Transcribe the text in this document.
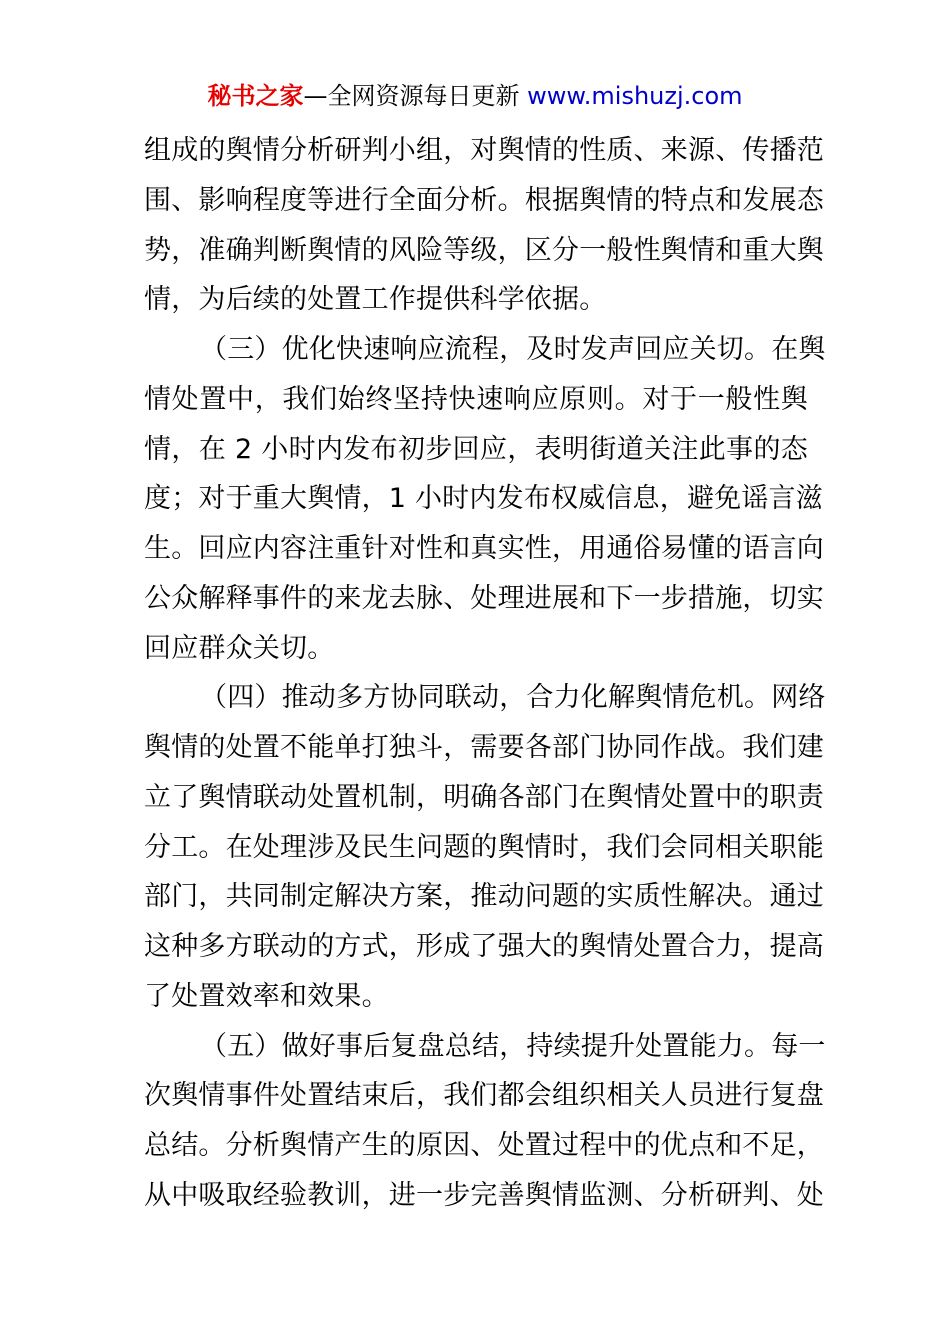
秘书之家—全网资源每日更新 www.mishuzj.com
组成的舆情分析研判小组，对舆情的性质、来源、传播范
围、影响程度等进行全面分析。根据舆情的特点和发展态
势，准确判断舆情的风险等级，区分一般性舆情和重大舆
情，为后续的处置工作提供科学依据。
（三）优化快速响应流程，及时发声回应关切。在舆
情处置中，我们始终坚持快速响应原则。对于一般性舆
情，在 2 小时内发布初步回应，表明街道关注此事的态
度；对于重大舆情，1 小时内发布权威信息，避免谣言滋
生。回应内容注重针对性和真实性，用通俗易懂的语言向
公众解释事件的来龙去脉、处理进展和下一步措施，切实
回应群众关切。
（四）推动多方协同联动，合力化解舆情危机。网络
舆情的处置不能单打独斗，需要各部门协同作战。我们建
立了舆情联动处置机制，明确各部门在舆情处置中的职责
分工。在处理涉及民生问题的舆情时，我们会同相关职能
部门，共同制定解决方案，推动问题的实质性解决。通过
这种多方联动的方式，形成了强大的舆情处置合力，提高
了处置效率和效果。
（五）做好事后复盘总结，持续提升处置能力。每一
次舆情事件处置结束后，我们都会组织相关人员进行复盘
总结。分析舆情产生的原因、处置过程中的优点和不足，
从中吸取经验教训，进一步完善舆情监测、分析研判、处
